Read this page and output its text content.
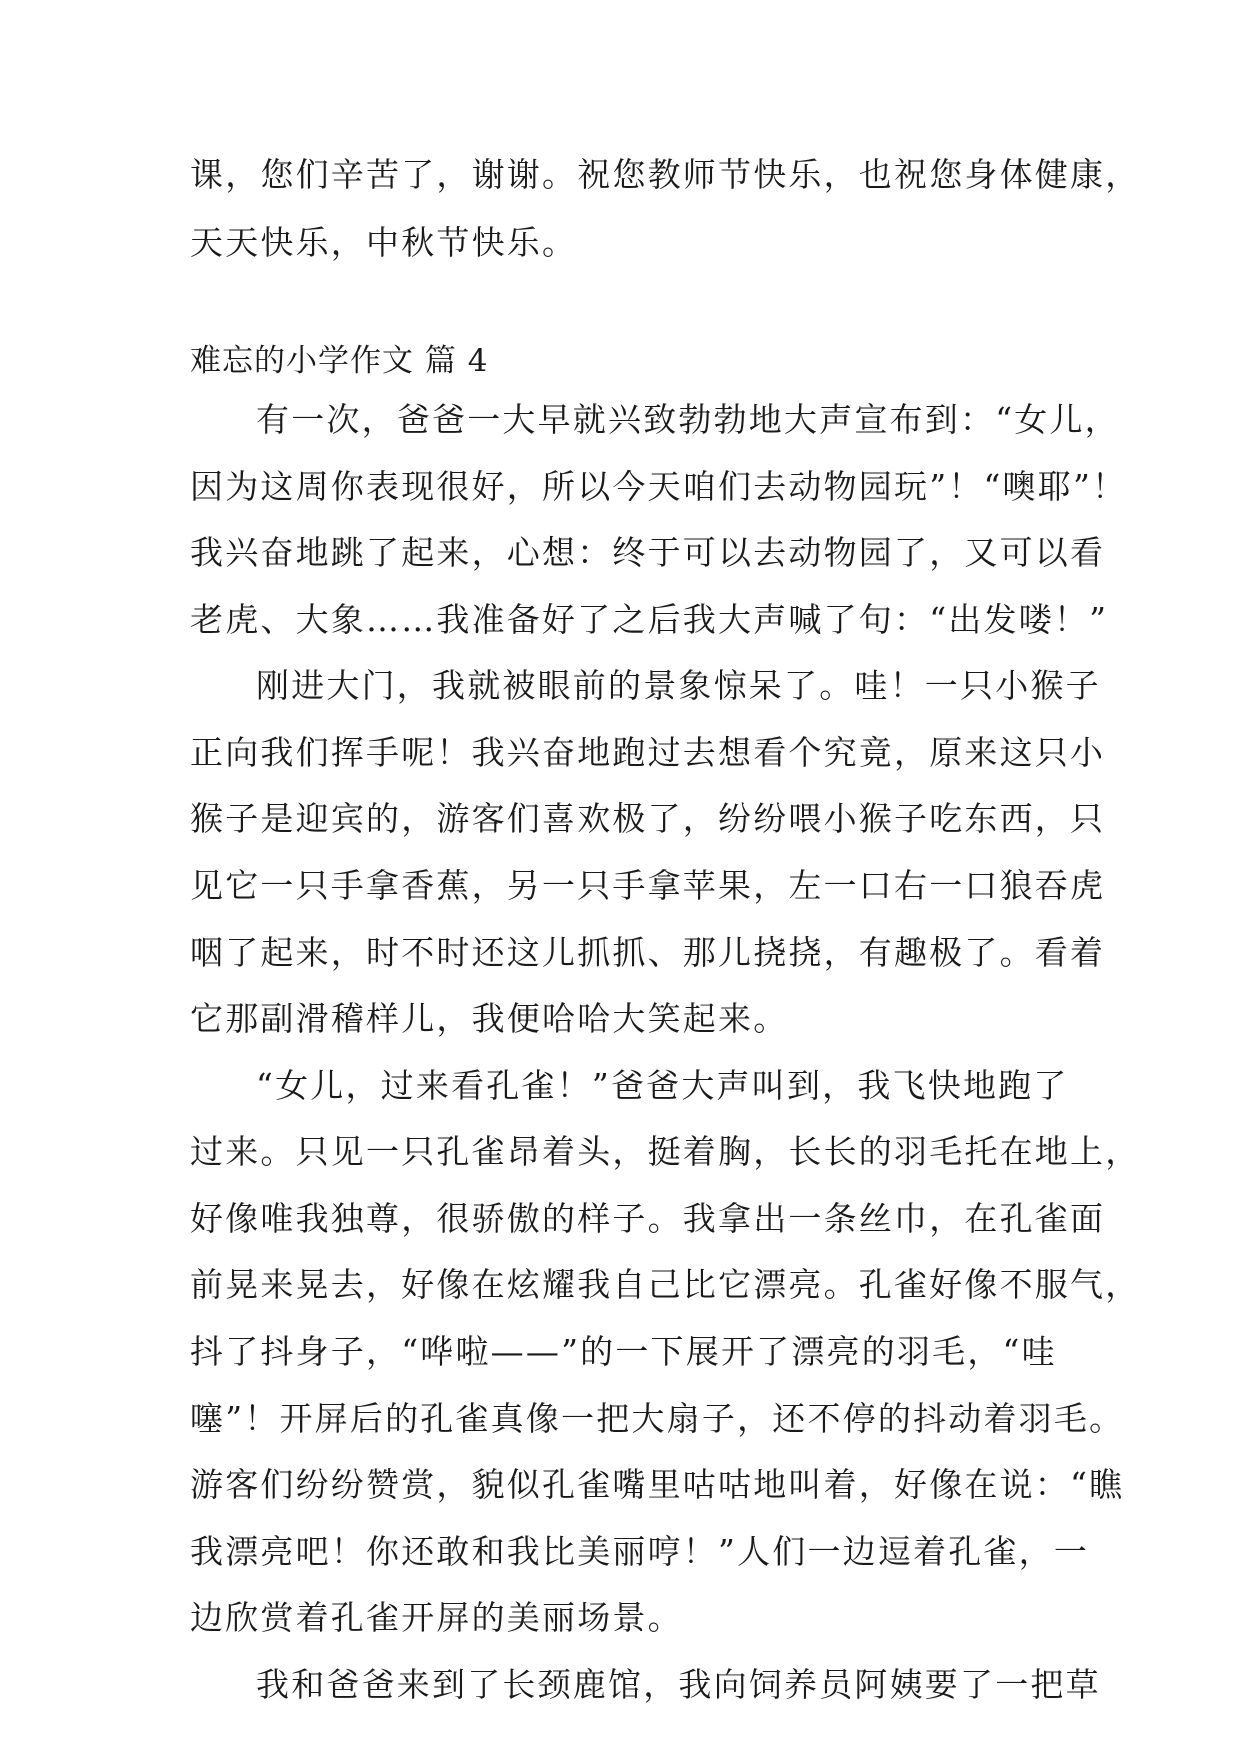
课，您们辛苦了，谢谢。祝您教师节快乐，也祝您身体健康，
天天快乐，中秋节快乐。
难忘的小学作文 篇 4
有一次，爸爸一大早就兴致勃勃地大声宣布到：“女儿，
因为这周你表现很好，所以今天咱们去动物园玩”！“噢耶”！
我兴奋地跳了起来，心想：终于可以去动物园了，又可以看
老虎、大象……我准备好了之后我大声喊了句：“出发喽！”
刚进大门，我就被眼前的景象惊呆了。哇！一只小猴子
正向我们挥手呢！我兴奋地跑过去想看个究竟，原来这只小
猴子是迎宾的，游客们喜欢极了，纷纷喂小猴子吃东西，只
见它一只手拿香蕉，另一只手拿苹果，左一口右一口狼吞虎
咽了起来，时不时还这儿抓抓、那儿挠挠，有趣极了。看着
它那副滑稽样儿，我便哈哈大笑起来。
“女儿，过来看孔雀！”爸爸大声叫到，我飞快地跑了
过来。只见一只孔雀昂着头，挺着胸，长长的羽毛托在地上，
好像唯我独尊，很骄傲的样子。我拿出一条丝巾，在孔雀面
前晃来晃去，好像在炫耀我自己比它漂亮。孔雀好像不服气，
抖了抖身子，“哗啦——”的一下展开了漂亮的羽毛，“哇
噻”！开屏后的孔雀真像一把大扇子，还不停的抖动着羽毛。
游客们纷纷赞赏，貌似孔雀嘴里咕咕地叫着，好像在说：“瞧
我漂亮吧！你还敢和我比美丽哼！”人们一边逗着孔雀，一
边欣赏着孔雀开屏的美丽场景。
我和爸爸来到了长颈鹿馆，我向饲养员阿姨要了一把草
